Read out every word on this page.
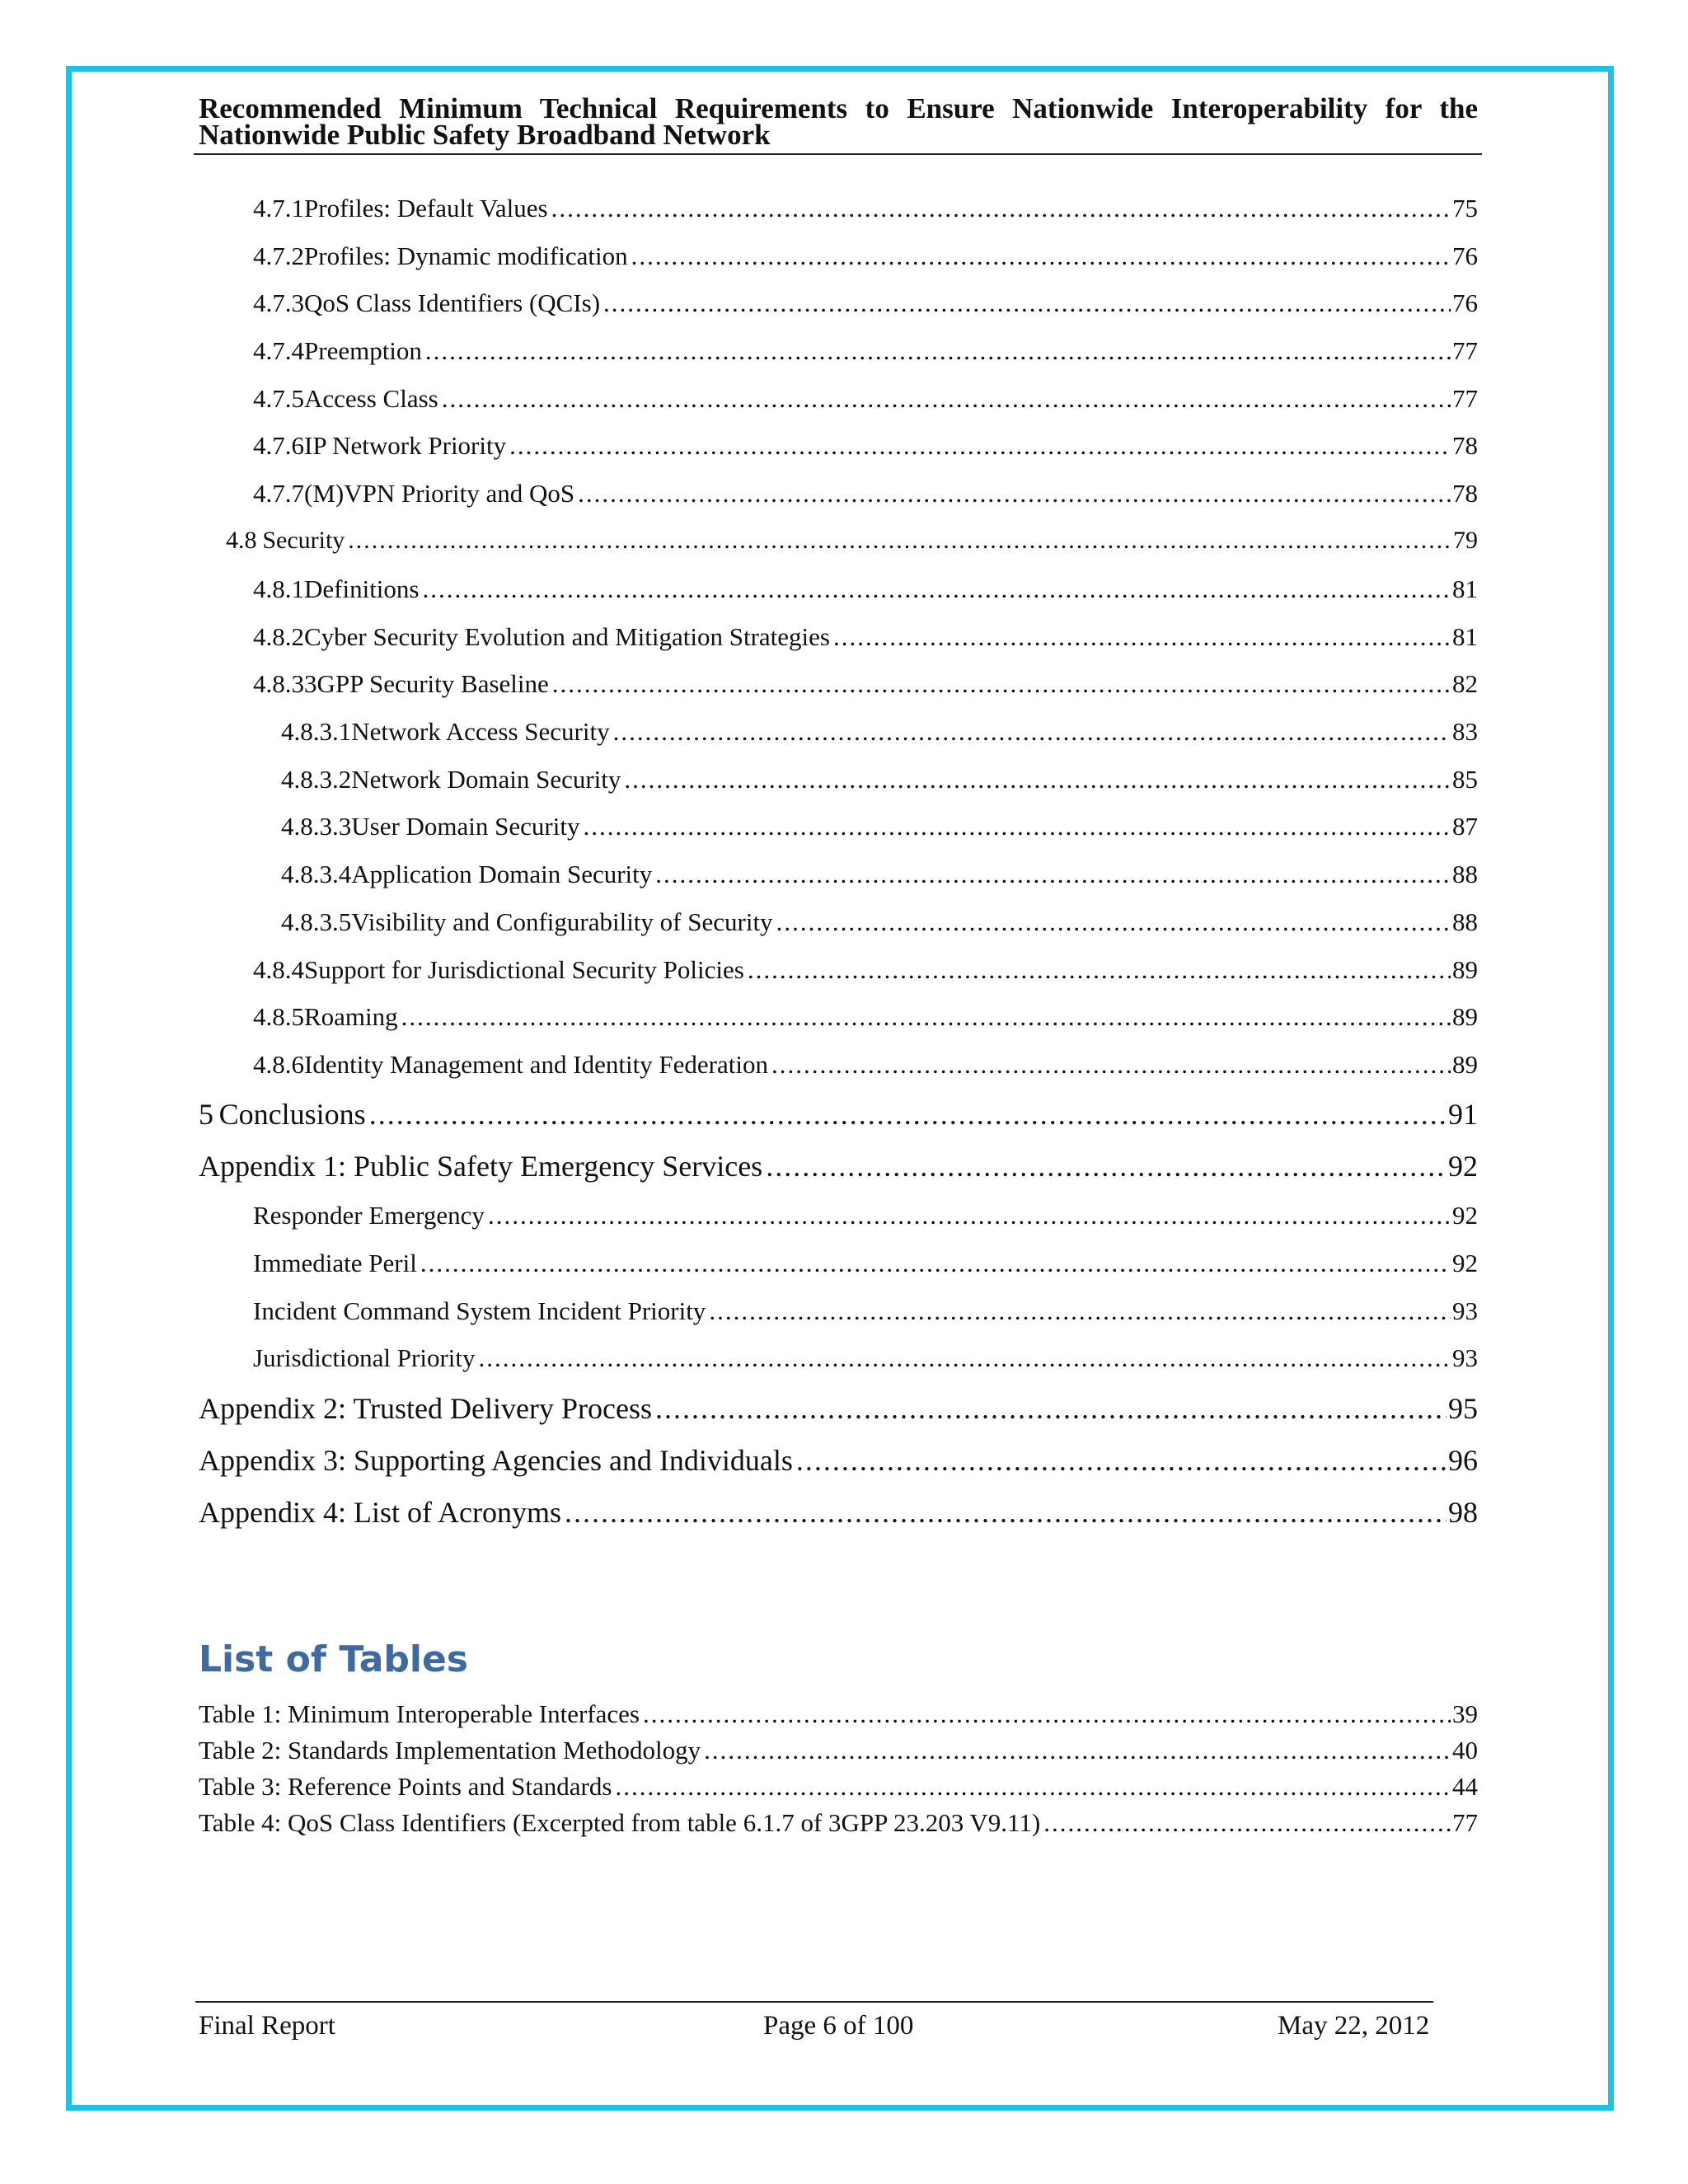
Recommended Minimum Technical Requirements to Ensure Nationwide Interoperability for the Nationwide Public Safety Broadband Network
4.7.1 Profiles: Default Values .....	75
4.7.2 Profiles: Dynamic modification .....	76
4.7.3 QoS Class Identifiers (QCIs) .....	76
4.7.4 Preemption .....	77
4.7.5 Access Class .....	77
4.7.6 IP Network Priority .....	78
4.7.7 (M)VPN Priority and QoS .....	78
4.8 Security .....	79
4.8.1 Definitions .....	81
4.8.2 Cyber Security Evolution and Mitigation Strategies .....	81
4.8.3 3GPP Security Baseline .....	82
4.8.3.1 Network Access Security .....	83
4.8.3.2 Network Domain Security .....	85
4.8.3.3 User Domain Security .....	87
4.8.3.4 Application Domain Security .....	88
4.8.3.5 Visibility and Configurability of Security .....	88
4.8.4 Support for Jurisdictional Security Policies .....	89
4.8.5 Roaming .....	89
4.8.6 Identity Management and Identity Federation .....	89
5 Conclusions .....	91
Appendix 1: Public Safety Emergency Services .....	92
Responder Emergency .....	92
Immediate Peril .....	92
Incident Command System Incident Priority .....	93
Jurisdictional Priority .....	93
Appendix 2: Trusted Delivery Process .....	95
Appendix 3: Supporting Agencies and Individuals .....	96
Appendix 4: List of Acronyms .....	98
List of Tables
Table 1: Minimum Interoperable Interfaces .....	39
Table 2: Standards Implementation Methodology .....	40
Table 3: Reference Points and Standards .....	44
Table 4: QoS Class Identifiers (Excerpted from table 6.1.7 of 3GPP 23.203 V9.11) .....	77
Final Report	Page 6 of 100	May 22, 2012
